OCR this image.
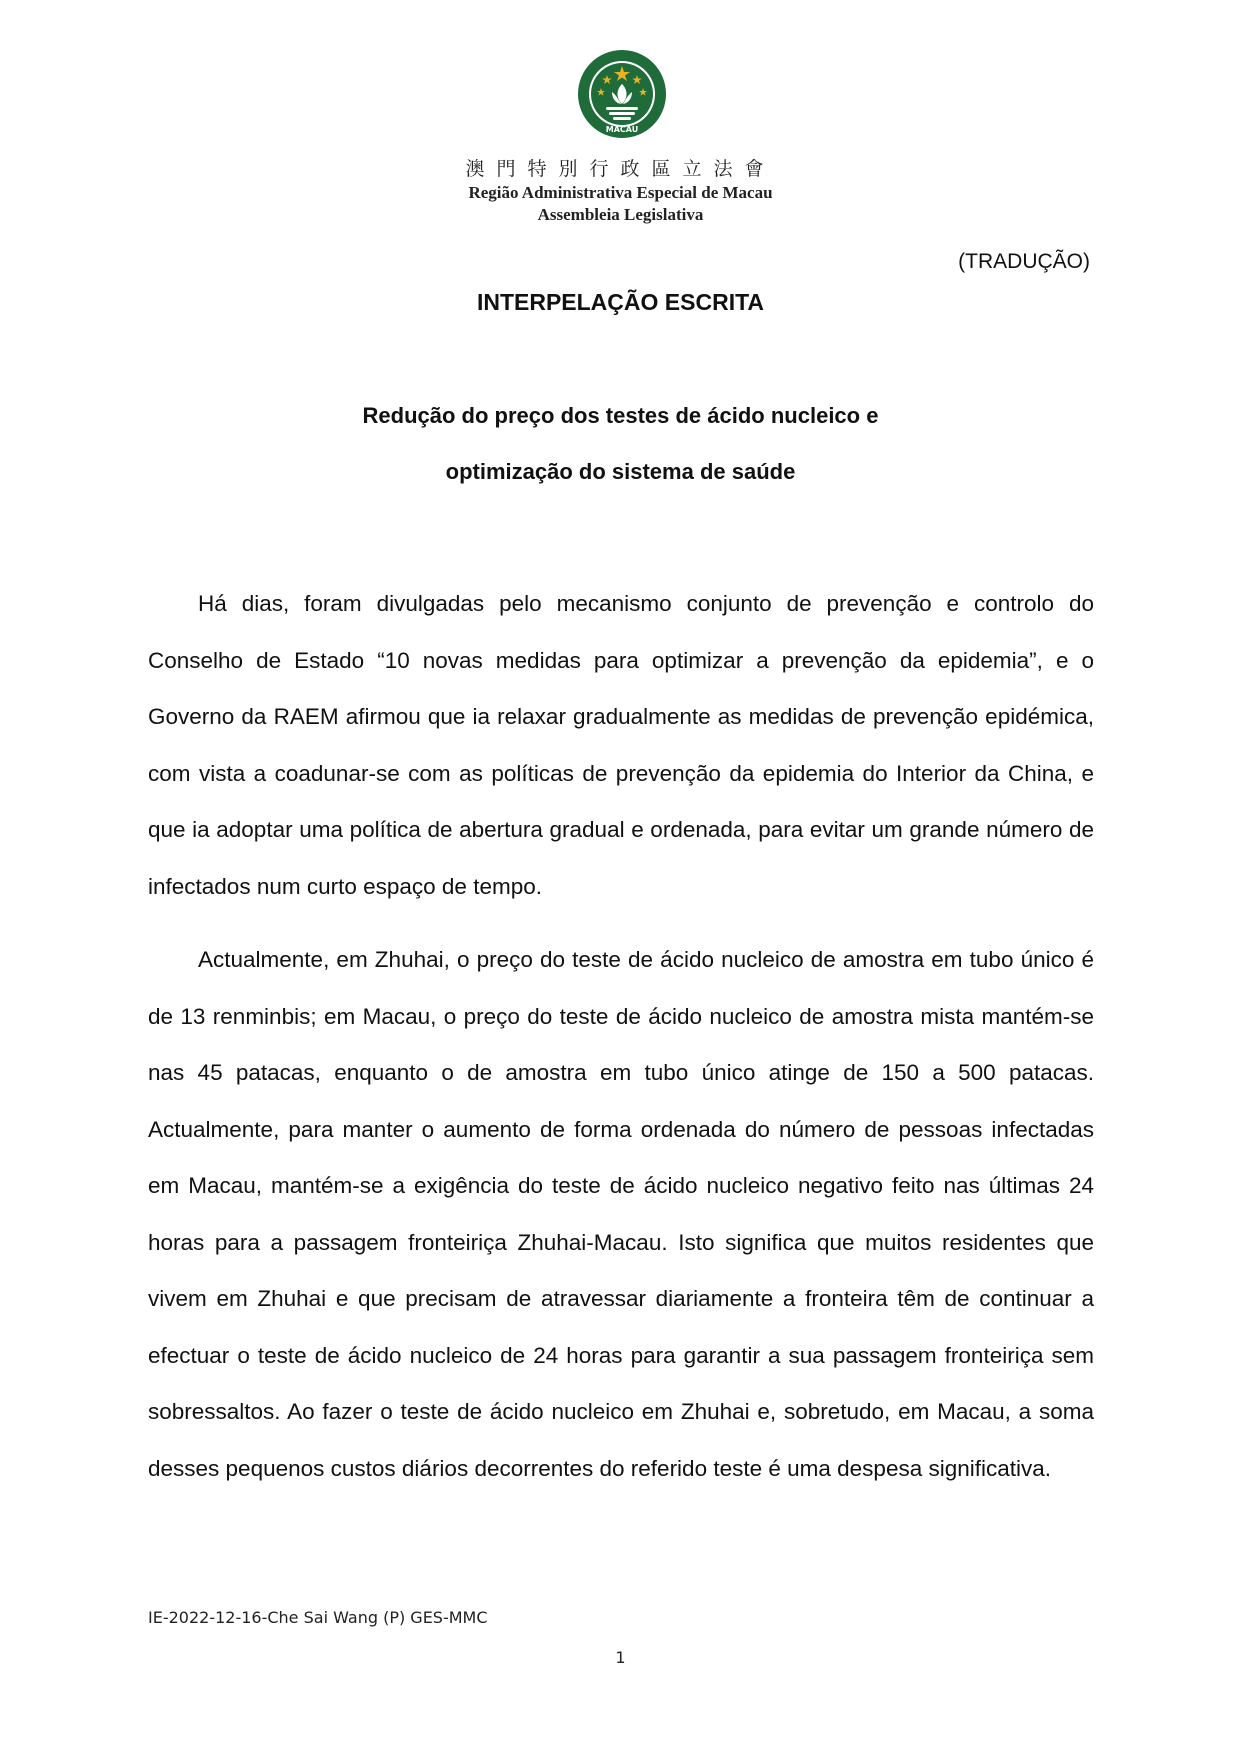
MACAU
澳門特別行政區立法會
Região Administrativa Especial de Macau
Assembleia Legislativa
(TRADUÇÃO)
INTERPELAÇÃO ESCRITA
Redução do preço dos testes de ácido nucleico e
optimização do sistema de saúde

Há dias, foram divulgadas pelo mecanismo conjunto de prevenção e controlo do Conselho de Estado “10 novas medidas para optimizar a prevenção da epidemia”, e o Governo da RAEM afirmou que ia relaxar gradualmente as medidas de prevenção epidémica, com vista a coadunar-se com as políticas de prevenção da epidemia do Interior da China, e que ia adoptar uma política de abertura gradual e ordenada, para evitar um grande número de infectados num curto espaço de tempo.

Actualmente, em Zhuhai, o preço do teste de ácido nucleico de amostra em tubo único é de 13 renminbis; em Macau, o preço do teste de ácido nucleico de amostra mista mantém-se nas 45 patacas, enquanto o de amostra em tubo único atinge de 150 a 500 patacas. Actualmente, para manter o aumento de forma ordenada do número de pessoas infectadas em Macau, mantém-se a exigência do teste de ácido nucleico negativo feito nas últimas 24 horas para a passagem fronteiriça Zhuhai-Macau. Isto significa que muitos residentes que vivem em Zhuhai e que precisam de atravessar diariamente a fronteira têm de continuar a efectuar o teste de ácido nucleico de 24 horas para garantir a sua passagem fronteiriça sem sobressaltos. Ao fazer o teste de ácido nucleico em Zhuhai e, sobretudo, em Macau, a soma desses pequenos custos diários decorrentes do referido teste é uma despesa significativa.

IE-2022-12-16-Che Sai Wang (P) GES-MMC
1
